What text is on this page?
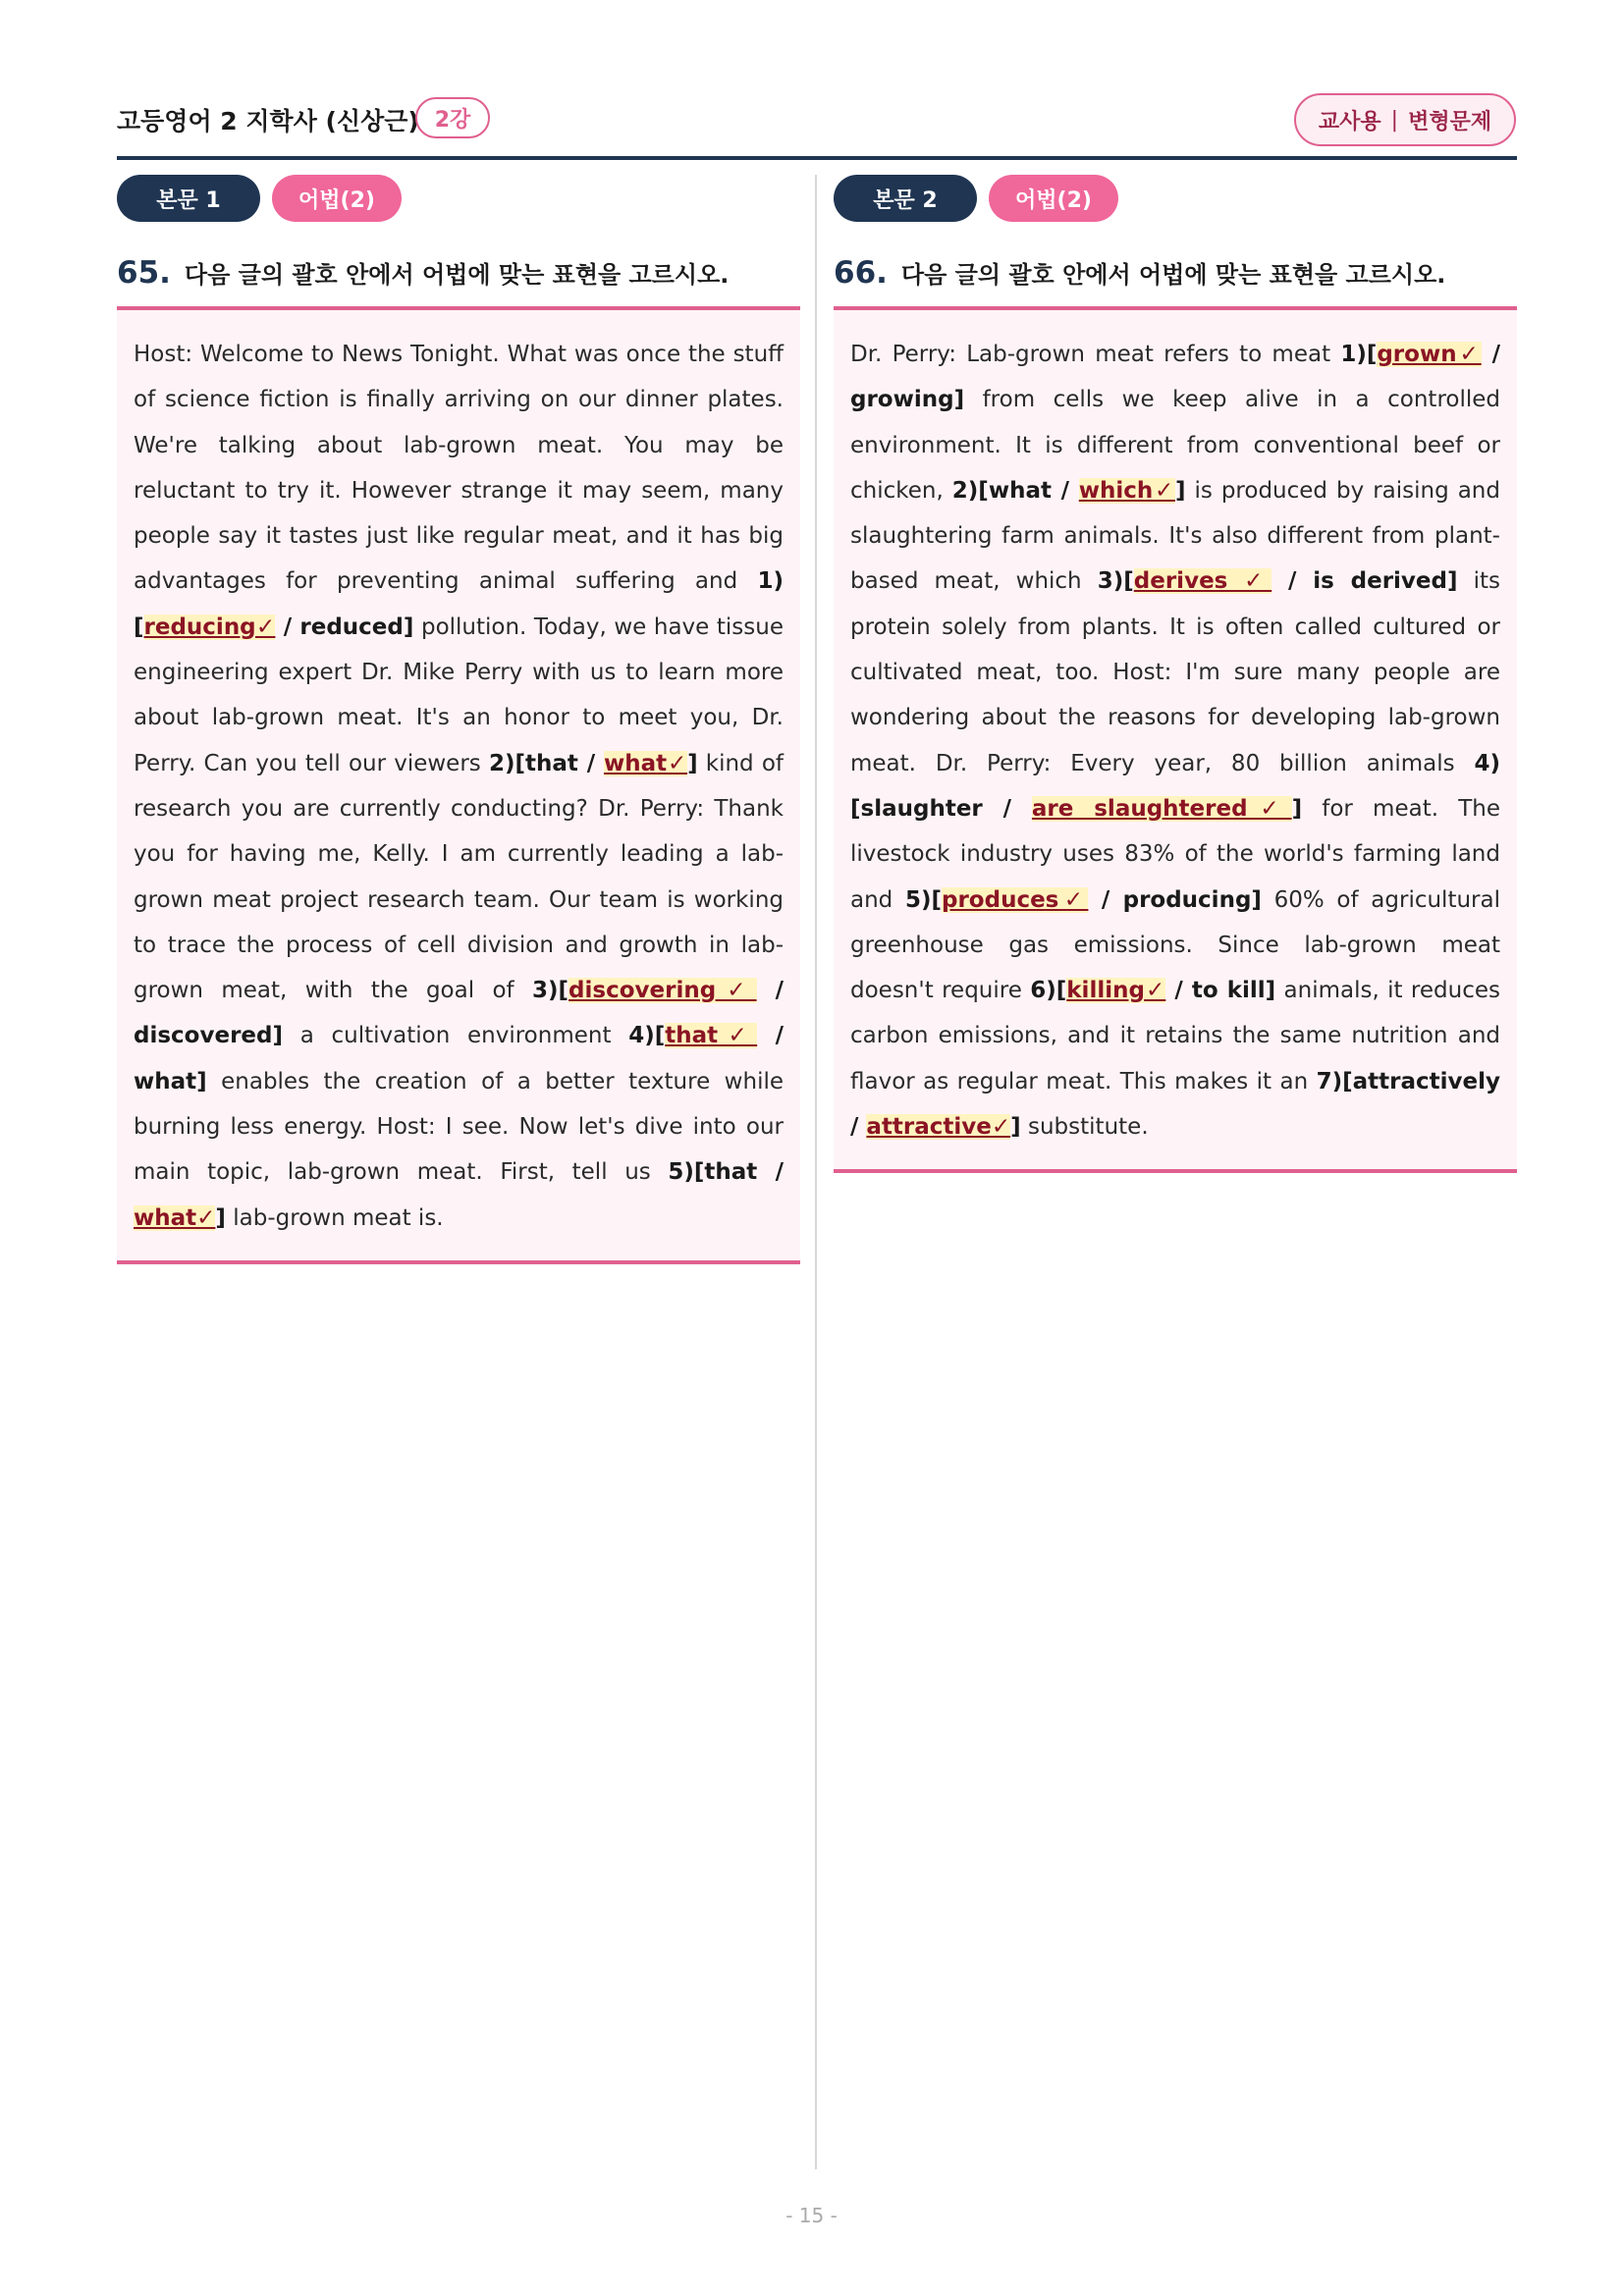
고등영어 2 지학사 (신상근) 2강	교사용 | 변형문제
본문 1	어법(2)
65. 다음 글의 괄호 안에서 어법에 맞는 표현을 고르시오.
Host: Welcome to News Tonight. What was once the stuff of science fiction is finally arriving on our dinner plates. We're talking about lab-grown meat. You may be reluctant to try it. However strange it may seem, many people say it tastes just like regular meat, and it has big advantages for preventing animal suffering and 1)[reducing✓ / reduced] pollution. Today, we have tissue engineering expert Dr. Mike Perry with us to learn more about lab-grown meat. It's an honor to meet you, Dr. Perry. Can you tell our viewers 2)[that / what✓] kind of research you are currently conducting? Dr. Perry: Thank you for having me, Kelly. I am currently leading a lab-grown meat project research team. Our team is working to trace the process of cell division and growth in lab-grown meat, with the goal of 3)[discovering✓ / discovered] a cultivation environment 4)[that✓ / what] enables the creation of a better texture while burning less energy. Host: I see. Now let's dive into our main topic, lab-grown meat. First, tell us 5)[that / what✓] lab-grown meat is.
본문 2	어법(2)
66. 다음 글의 괄호 안에서 어법에 맞는 표현을 고르시오.
Dr. Perry: Lab-grown meat refers to meat 1)[grown✓ / growing] from cells we keep alive in a controlled environment. It is different from conventional beef or chicken, 2)[what / which✓] is produced by raising and slaughtering farm animals. It's also different from plant-based meat, which 3)[derives ✓ / is derived] its protein solely from plants. It is often called cultured or cultivated meat, too. Host: I'm sure many people are wondering about the reasons for developing lab-grown meat. Dr. Perry: Every year, 80 billion animals 4)[slaughter / are slaughtered✓] for meat. The livestock industry uses 83% of the world's farming land and 5)[produces✓ / producing] 60% of agricultural greenhouse gas emissions. Since lab-grown meat doesn't require 6)[killing✓ / to kill] animals, it reduces carbon emissions, and it retains the same nutrition and flavor as regular meat. This makes it an 7)[attractively / attractive✓] substitute.
- 15 -
